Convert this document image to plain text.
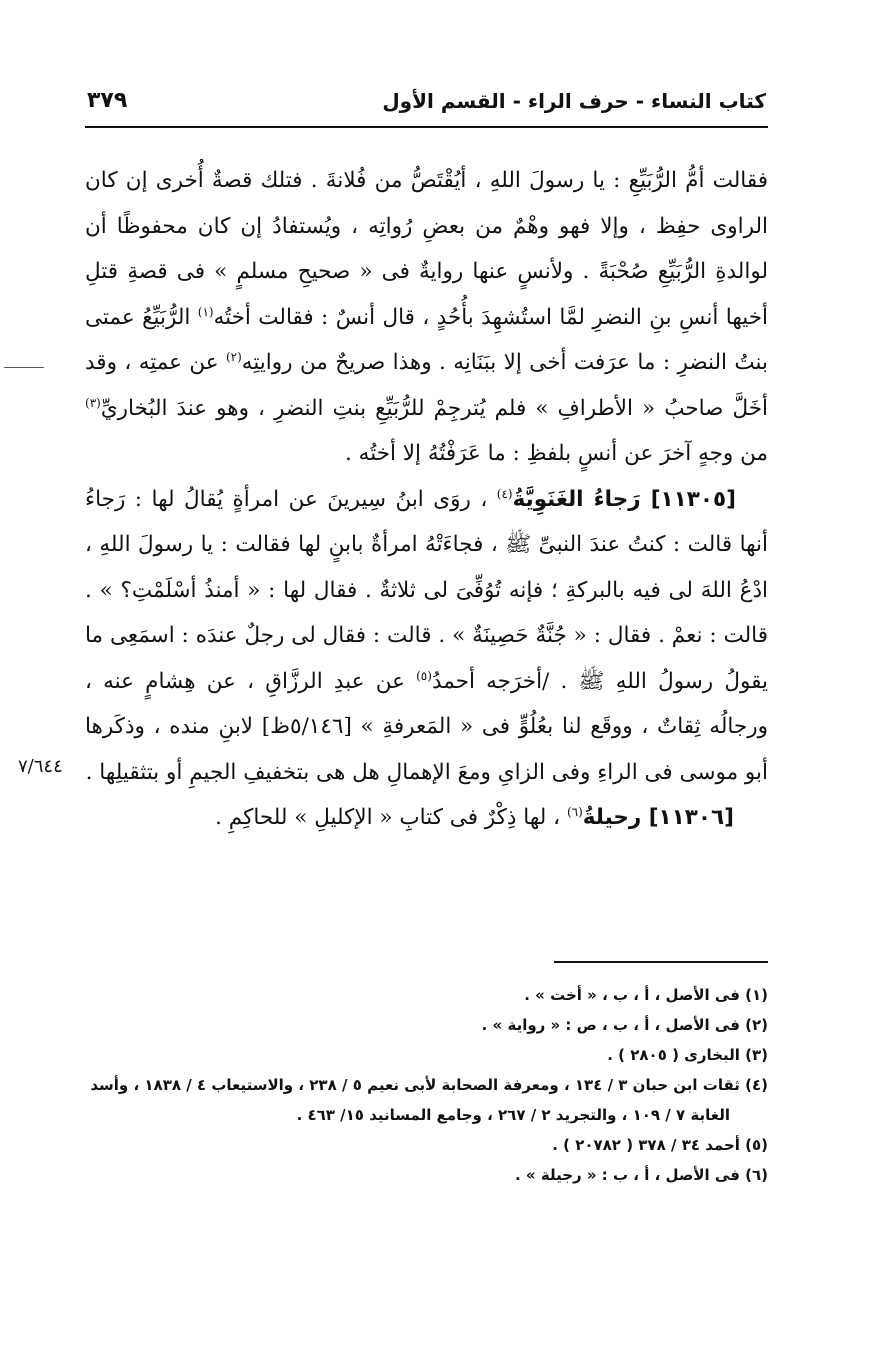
كتاب النساء - حرف الراء - القسم الأول
٣٧٩
٧/٦٤٤

فقالت أمُّ الرُّبَيِّعِ : يا رسولَ اللهِ ، أيُقْتَصُّ من فُلانةَ . فتلك قصةٌ أُخرى إن كان الراوى حفِظ ، وإلا فهو وهْمٌ من بعضِ رُواتِه ، ويُستفادُ إن كان محفوظًا أن لوالدةِ الرُّبَيِّعِ صُحْبَةً . ولأنسٍ عنها روايةٌ فى « صحيحِ مسلمٍ » فى قصةِ قتلِ أخيها أنسِ بنِ النضرِ لمَّا استُشهِدَ بأُحُدٍ ، قال أنسٌ : فقالت أختُه$^{(١)}$ الرُّبَيِّعُ عمتى بنتُ النضرِ : ما عرَفت أخى إلا ببَنَانِه . وهذا صريحٌ من روايتِه$^{(٢)}$ عن عمتِه ، وقد أخَلَّ صاحبُ « الأطرافِ » فلم يُترجِمْ للرُّبَيِّعِ بنتِ النضرِ ، وهو عندَ البُخاريِّ$^{(٣)}$ من وجهٍ آخرَ عن أنسٍ بلفظِ : ما عَرَفْتُهُ إلا أختُه .

[١١٣٠٥] رَجاءُ الغَنَوِيَّةُ$^{(٤)}$ ، روَى ابنُ سِيرينَ عن امرأةٍ يُقالُ لها : رَجاءُ أنها قالت : كنتُ عندَ النبىِّ ﷺ ، فجاءَتْهُ امرأةٌ بابنٍ لها فقالت : يا رسولَ اللهِ ، ادْعُ اللهَ لى فيه بالبركةِ ؛ فإنه تُوُفِّىَ لى ثلاثةٌ . فقال لها : « أمنذُ أسْلَمْتِ؟ » . قالت : نعمْ . فقال : « جُنَّةٌ حَصِينَةٌ » . قالت : فقال لى رجلٌ عندَه : اسمَعِى ما يقولُ رسولُ اللهِ ﷺ . /أخرَجه أحمدُ$^{(٥)}$ عن عبدِ الرزَّاقِ ، عن هِشامٍ عنه ، ورجالُه ثِقاتٌ ، ووقَع لنا بعُلُوٍّ فى « المَعرفةِ » [٥/١٤٦ظ] لابنِ منده ، وذكَرها أبو موسى فى الراءِ وفى الزاىِ ومعَ الإهمالِ هل هى بتخفيفِ الجيمِ أو بتثقيلِها .

[١١٣٠٦] رحيلةُ$^{(٦)}$ ، لها ذِكْرٌ فى كتابِ « الإكليلِ » للحاكِمِ .

(١) فى الأصل ، أ ، ب ، « أخت » .

(٢) فى الأصل ، أ ، ب ، ص : « رواية » .

(٣) البخارى ( ٢٨٠٥ ) .

(٤) ثقات ابن حبان ٣ / ١٣٤ ، ومعرفة الصحابة لأبى نعيم ٥ / ٢٣٨ ، والاستيعاب ٤ / ١٨٣٨ ، وأسد الغابة ٧ / ١٠٩ ، والتجريد ٢ / ٢٦٧ ، وجامع المسانيد ١٥/ ٤٦٣ .

(٥) أحمد ٣٤ / ٣٧٨ ( ٢٠٧٨٢ ) .

(٦) فى الأصل ، أ ، ب : « رجيلة » .
